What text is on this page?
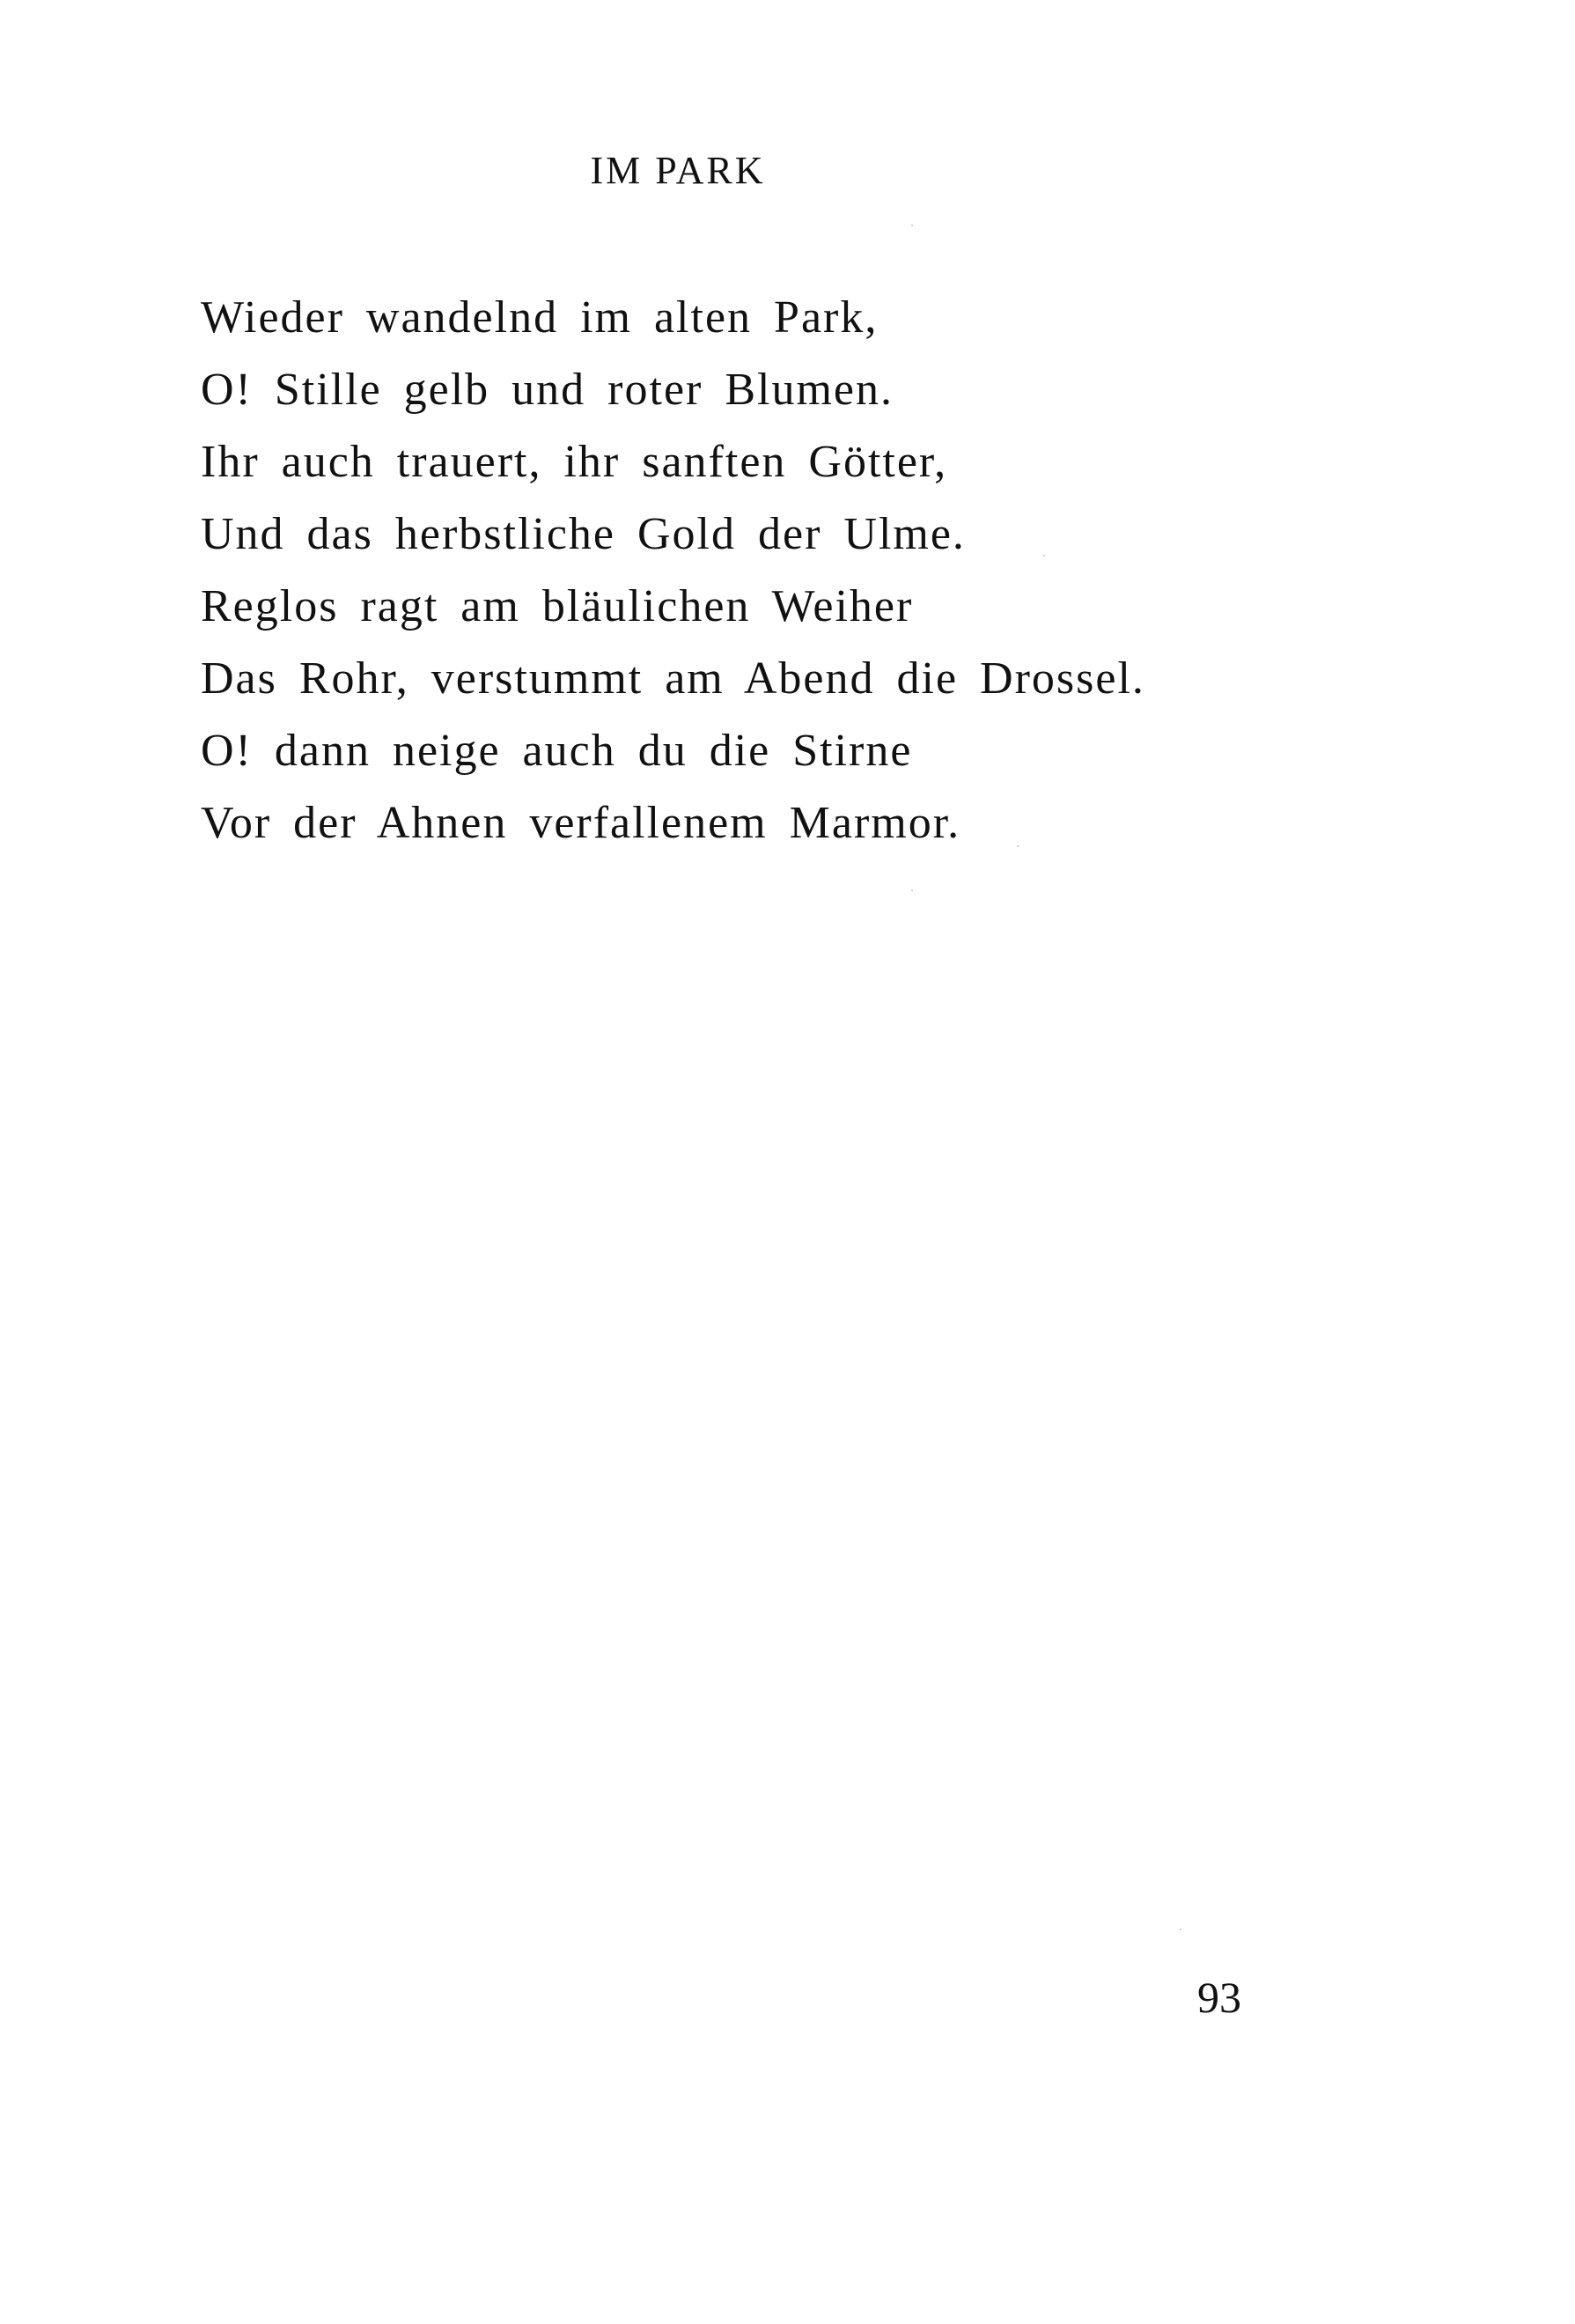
IM PARK
Wieder wandelnd im alten Park,
O! Stille gelb und roter Blumen.
Ihr auch trauert, ihr sanften Götter,
Und das herbstliche Gold der Ulme.
Reglos ragt am bläulichen Weiher
Das Rohr, verstummt am Abend die Drossel.
O! dann neige auch du die Stirne
Vor der Ahnen verfallenem Marmor.
93
